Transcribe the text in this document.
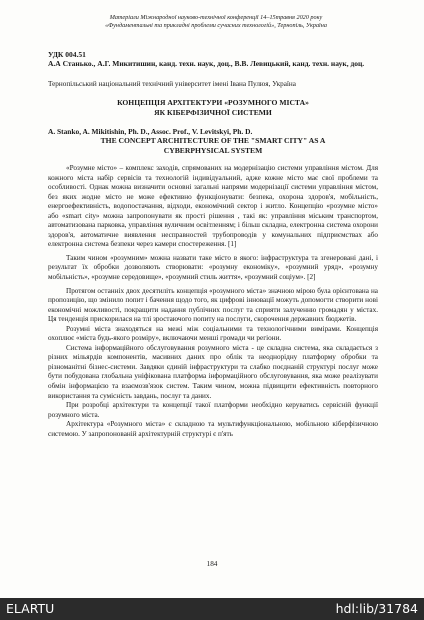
Матеріали Міжнародної науково-технічної конференції 14–15травня 2020 року
«Фундаментальні та прикладні проблеми сучасних технологій», Тернопіль, Україна
УДК 004.51
А.А Станько., А.Г. Микитишин, канд. техн. наук, доц., В.В. Левицький, канд. техн. наук, доц.
Тернопільський національний технічний університет імені Івана Пулюя, Україна
КОНЦЕПЦІЯ АРХІТЕКТУРИ «РОЗУМНОГО МІСТА»
ЯК КІБЕРФІЗИЧНОЇ СИСТЕМИ
A. Stanko, A. Mikitishin, Ph. D., Assoc. Prof., V. Levitskyi, Ph. D.
THE CONCEPT ARCHITECTURE OF THE "SMART CITY" AS A
CYBERPHYSICAL SYSTEM

«Розумне місто» – комплекс заходів, спрямованих на модернізацію системи управління містом. Для кожного міста набір сервісів та технологій індивідуальний, адже кожне місто має свої проблеми та особливості. Однак можна визначити основні загальні напрями модернізації системи управління містом, без яких жодне місто не може ефективно функціонувати: безпека, охорона здоров'я, мобільність, енергоефективність, водопостачання, відходи, економічний сектор і житло. Концепцію «розумне місто» або «smart city» можна запропонувати як прості рішення , такі як: управління міським транспортом, автоматизована парковка, управління вуличним освітленням; і більш складна, електронна система охорони здоров'я, автоматичне виявлення несправностей трубопроводів у комунальних підприємствах або електронна система безпеки через камери спостереження. [1]

Таким чином «розумним» можна назвати таке місто в якого: інфраструктура та згенеровані дані, і результат їх обробки дозволяють створювати: «розумну економіку», «розумний уряд», «розумну мобільність», «розумне середовище», «розумний стиль життя», «розумний соціум». [2]

Протягом останніх двох десятиліть концепція «розумного міста» значною мірою була орієнтована на пропозицію, що змінило попит і бачення щодо того, як цифрові інновації можуть допомогти створити нові економічні можливості, покращити надання публічних послуг та сприяти залученню громадян у містах. Ця тенденція прискорилася на тлі зростаючого попиту на послуги, скорочення державних бюджетів.

Розумні міста знаходяться на межі між соціальними та технологічними вимірами. Концепція охоплює «міста будь-якого розміру», включаючи менші громади чи регіони.

Система інформаційного обслуговування розумного міста - це складна система, яка складається з різних мільярдів компонентів, масивних даних про облік та неоднорідну платформу обробки та різноманітні бізнес-системи. Завдяки єдиній інфраструктури та слабко поєднаній структурі послуг може бути побудована глобальна уніфікована платформа інформаційного обслуговування, яка може реалізувати обмін інформацією та взаємозв'язок систем. Таким чином, можна підвищити ефективність повторного використання та сумісність завдань, послуг та даних.

При розробці архітектури та концепції такої платформи необхідно керуватись сервісній функції розумного міста.

Архітектура «Розумного міста» є складною та мультифункціональною, мобільною кіберфізичною системою. У запропонованій архітектурній структурі є п'ять

184
ELARTU	hdl:lib/31784
